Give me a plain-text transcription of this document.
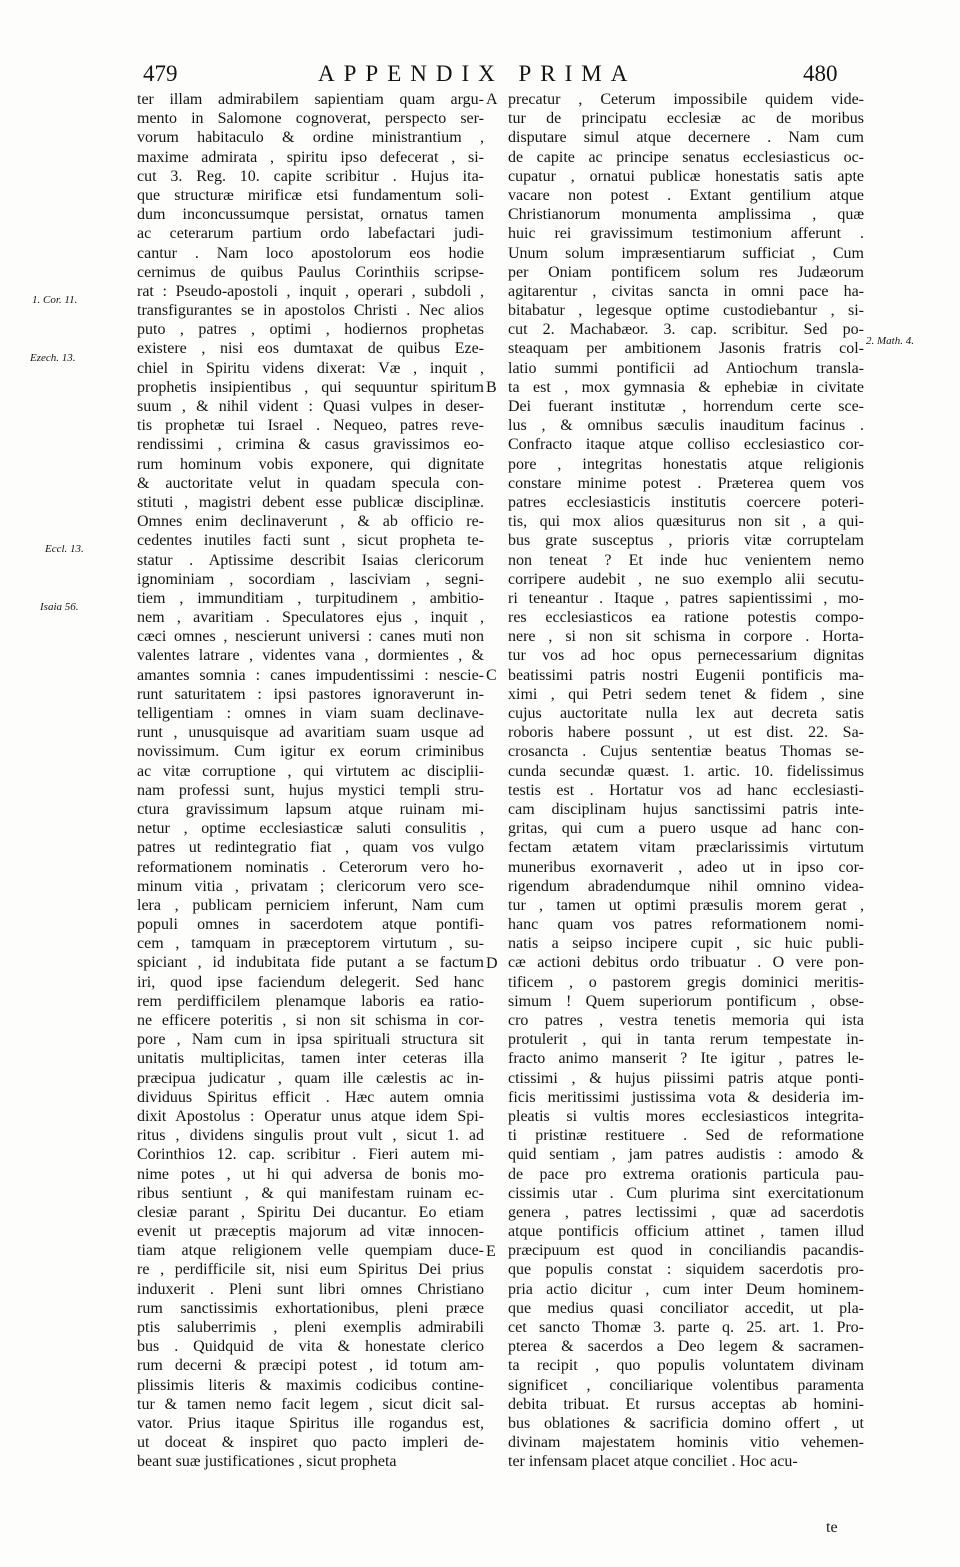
479	APPENDIX PRIMA	480
ter illam admirabilem sapientiam quam argu-
mento in Salomone cognoverat, perspecto ser-
vorum habitaculo & ordine ministrantium ,
maxime admirata , spiritu ipso defecerat , si-
cut 3. Reg. 10. capite scribitur . Hujus ita-
que structuræ mirificæ etsi fundamentum soli-
dum inconcussumque persistat, ornatus tamen
ac ceterarum partium ordo labefactari judi-
cantur . Nam loco apostolorum eos hodie
cernimus de quibus Paulus Corinthiis scripse-
rat : Pseudo-apostoli , inquit , operari , subdoli ,
transfigurantes se in apostolos Christi . Nec alios
puto , patres , optimi , hodiernos prophetas
existere , nisi eos dumtaxat de quibus Eze-
chiel in Spiritu videns dixerat: Væ , inquit ,
prophetis insipientibus , qui sequuntur spiritum
suum , & nihil vident : Quasi vulpes in deser-
tis prophetæ tui Israel . Nequeo, patres reve-
rendissimi , crimina & casus gravissimos eo-
rum hominum vobis exponere, qui dignitate
& auctoritate velut in quadam specula con-
stituti , magistri debent esse publicæ disciplinæ.
Omnes enim declinaverunt , & ab officio re-
cedentes inutiles facti sunt , sicut propheta te-
statur . Aptissime describit Isaias clericorum
ignominiam , socordiam , lasciviam , segni-
tiem , immunditiam , turpitudinem , ambitio-
nem , avaritiam . Speculatores ejus , inquit ,
cæci omnes , nescierunt universi : canes muti non
valentes latrare , videntes vana , dormientes , &
amantes somnia : canes impudentissimi : nescie-
runt saturitatem : ipsi pastores ignoraverunt in-
telligentiam : omnes in viam suam declinave-
runt , unusquisque ad avaritiam suam usque ad
novissimum. Cum igitur ex eorum criminibus
ac vitæ corruptione , qui virtutem ac disciplii-
nam professi sunt, hujus mystici templi stru-
ctura gravissimum lapsum atque ruinam mi-
netur , optime ecclesiasticæ saluti consulitis ,
patres ut redintegratio fiat , quam vos vulgo
reformationem nominatis . Ceterorum vero ho-
minum vitia , privatam ; clericorum vero sce-
lera , publicam perniciem inferunt, Nam cum
populi omnes in sacerdotem atque pontifi-
cem , tamquam in præceptorem virtutum , su-
spiciant , id indubitata fide putant a se factum
iri, quod ipse faciendum delegerit. Sed hanc
rem perdifficilem plenamque laboris ea ratio-
ne efficere poteritis , si non sit schisma in cor-
pore , Nam cum in ipsa spirituali structura sit
unitatis multiplicitas, tamen inter ceteras illa
præcipua judicatur , quam ille cælestis ac in-
dividuus Spiritus efficit . Hæc autem omnia
dixit Apostolus : Operatur unus atque idem Spi-
ritus , dividens singulis prout vult , sicut 1. ad
Corinthios 12. cap. scribitur . Fieri autem mi-
nime potes , ut hi qui adversa de bonis mo-
ribus sentiunt , & qui manifestam ruinam ec-
clesiæ parant , Spiritu Dei ducantur. Eo etiam
evenit ut præceptis majorum ad vitæ innocen-
tiam atque religionem velle quempiam duce-
re , perdifficile sit, nisi eum Spiritus Dei prius
induxerit . Pleni sunt libri omnes Christiano
rum sanctissimis exhortationibus, pleni præce
ptis saluberrimis , pleni exemplis admirabili
bus . Quidquid de vita & honestate clerico
rum decerni & præcipi potest , id totum am-
plissimis literis & maximis codicibus contine-
tur & tamen nemo facit legem , sicut dicit sal-
vator. Prius itaque Spiritus ille rogandus est,
ut doceat & inspiret quo pacto impleri de-
beant suæ justificationes , sicut propheta
precatur , Ceterum impossibile quidem vide-
tur de principatu ecclesiæ ac de moribus
disputare simul atque decernere . Nam cum
de capite ac principe senatus ecclesiasticus oc-
cupatur , ornatui publicæ honestatis satis apte
vacare non potest . Extant gentilium atque
Christianorum monumenta amplissima , quæ
huic rei gravissimum testimonium afferunt .
Unum solum impræsentiarum sufficiat , Cum
per Oniam pontificem solum res Judæorum
agitarentur , civitas sancta in omni pace ha-
bitabatur , legesque optime custodiebantur , si-
cut 2. Machabæor. 3. cap. scribitur. Sed po-
steaquam per ambitionem Jasonis fratris col-
latio summi pontificii ad Antiochum transla-
ta est , mox gymnasia & ephebiæ in civitate
Dei fuerant institutæ , horrendum certe sce-
lus , & omnibus sæculis inauditum facinus .
Confracto itaque atque colliso ecclesiastico cor-
pore , integritas honestatis atque religionis
constare minime potest . Præterea quem vos
patres ecclesiasticis institutis coercere poteri-
tis, qui mox alios quæsiturus non sit , a qui-
bus grate susceptus , prioris vitæ corruptelam
non teneat ? Et inde huc venientem nemo
corripere audebit , ne suo exemplo alii secutu-
ri teneantur . Itaque , patres sapientissimi , mo-
res ecclesiasticos ea ratione potestis compo-
nere , si non sit schisma in corpore . Horta-
tur vos ad hoc opus pernecessarium dignitas
beatissimi patris nostri Eugenii pontificis ma-
ximi , qui Petri sedem tenet & fidem , sine
cujus auctoritate nulla lex aut decreta satis
roboris habere possunt , ut est dist. 22. Sa-
crosancta . Cujus sententiæ beatus Thomas se-
cunda secundæ quæst. 1. artic. 10. fidelissimus
testis est . Hortatur vos ad hanc ecclesiasti-
cam disciplinam hujus sanctissimi patris inte-
gritas, qui cum a puero usque ad hanc con-
fectam ætatem vitam præclarissimis virtutum
muneribus exornaverit , adeo ut in ipso cor-
rigendum abradendumque nihil omnino videa-
tur , tamen ut optimi præsulis morem gerat ,
hanc quam vos patres reformationem nomi-
natis a seipso incipere cupit , sic huic publi-
cæ actioni debitus ordo tribuatur . O vere pon-
tificem , o pastorem gregis dominici meritis-
simum ! Quem superiorum pontificum , obse-
cro patres , vestra tenetis memoria qui ista
protulerit , qui in tanta rerum tempestate in-
fracto animo manserit ? Ite igitur , patres le-
ctissimi , & hujus piissimi patris atque ponti-
ficis meritissimi justissima vota & desideria im-
pleatis si vultis mores ecclesiasticos integrita-
ti pristinæ restituere . Sed de reformatione
quid sentiam , jam patres audistis : amodo &
de pace pro extrema orationis particula pau-
cissimis utar . Cum plurima sint exercitationum
genera , patres lectissimi , quæ ad sacerdotis
atque pontificis officium attinet , tamen illud
præcipuum est quod in conciliandis pacandis-
que populis constat : siquidem sacerdotis pro-
pria actio dicitur , cum inter Deum hominem-
que medius quasi conciliator accedit, ut pla-
cet sancto Thomæ 3. parte q. 25. art. 1. Pro-
pterea & sacerdos a Deo legem & sacramen-
ta recipit , quo populis voluntatem divinam
significet , conciliarique volentibus paramenta
debita tribuat. Et rursus acceptas ab homini-
bus oblationes & sacrificia domino offert , ut
divinam majestatem hominis vitio vehemen-
ter infensam placet atque conciliet . Hoc acu-
1. Cor. 11.
Ezech. 13.
Eccl. 13.
Isaia 56.
2. Math. 4.
A
B
C
D
E
te
